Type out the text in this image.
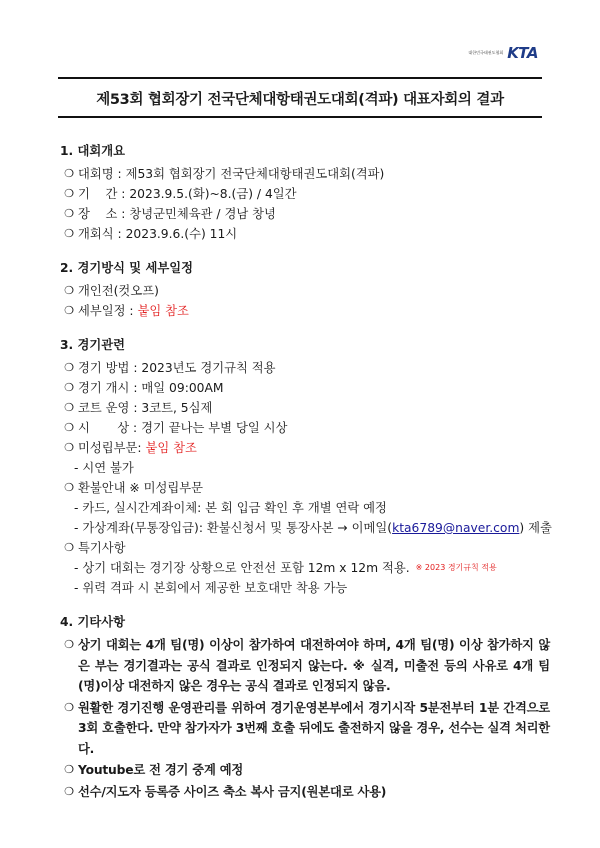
대한민국태권도협회 KTA
제53회 협회장기 전국단체대항태권도대회(격파) 대표자회의 결과
1. 대회개요
❍ 대회명 : 제53회 협회장기 전국단체대항태권도대회(격파)
❍ 기    간 : 2023.9.5.(화)~8.(금) / 4일간
❍ 장    소 : 창녕군민체육관 / 경남 창녕
❍ 개회식 : 2023.9.6.(수) 11시
2. 경기방식 및 세부일정
❍ 개인전(컷오프)
❍ 세부일정 : 붙임 참조
3. 경기관련
❍ 경기 방법 : 2023년도 경기규칙 적용
❍ 경기 개시 : 매일 09:00AM
❍ 코트 운영 : 3코트, 5심제
❍ 시       상 : 경기 끝나는 부별 당일 시상
❍ 미성립부문: 붙임 참조
- 시연 불가
❍ 환불안내 ※ 미성립부문
- 카드, 실시간계좌이체: 본 회 입금 확인 후 개별 연락 예정
- 가상계좌(무통장입금): 환불신청서 및 통장사본 → 이메일( kta6789@naver.com ) 제출
❍ 특기사항
- 상기 대회는 경기장 상황으로 안전선 포함 12m x 12m 적용. ※ 2023 경기규칙 적용
- 위력 격파 시 본회에서 제공한 보호대만 착용 가능
4. 기타사항
❍ 상기 대회는 4개 팀(명) 이상이 참가하여 대전하여야 하며, 4개 팀(명) 이상 참가하지 않은 부는 경기결과는 공식 결과로 인정되지 않는다. ※ 실격, 미출전 등의 사유로 4개 팀(명)이상 대전하지 않은 경우는 공식 결과로 인정되지 않음.
❍ 원활한 경기진행 운영관리를 위하여 경기운영본부에서 경기시작 5분전부터 1분 간격으로 3회 호출한다. 만약 참가자가 3번째 호출 뒤에도 출전하지 않을 경우, 선수는 실격 처리한다.
❍ Youtube로 전 경기 중계 예정
❍ 선수/지도자 등록증 사이즈 축소 복사 금지(원본대로 사용)
